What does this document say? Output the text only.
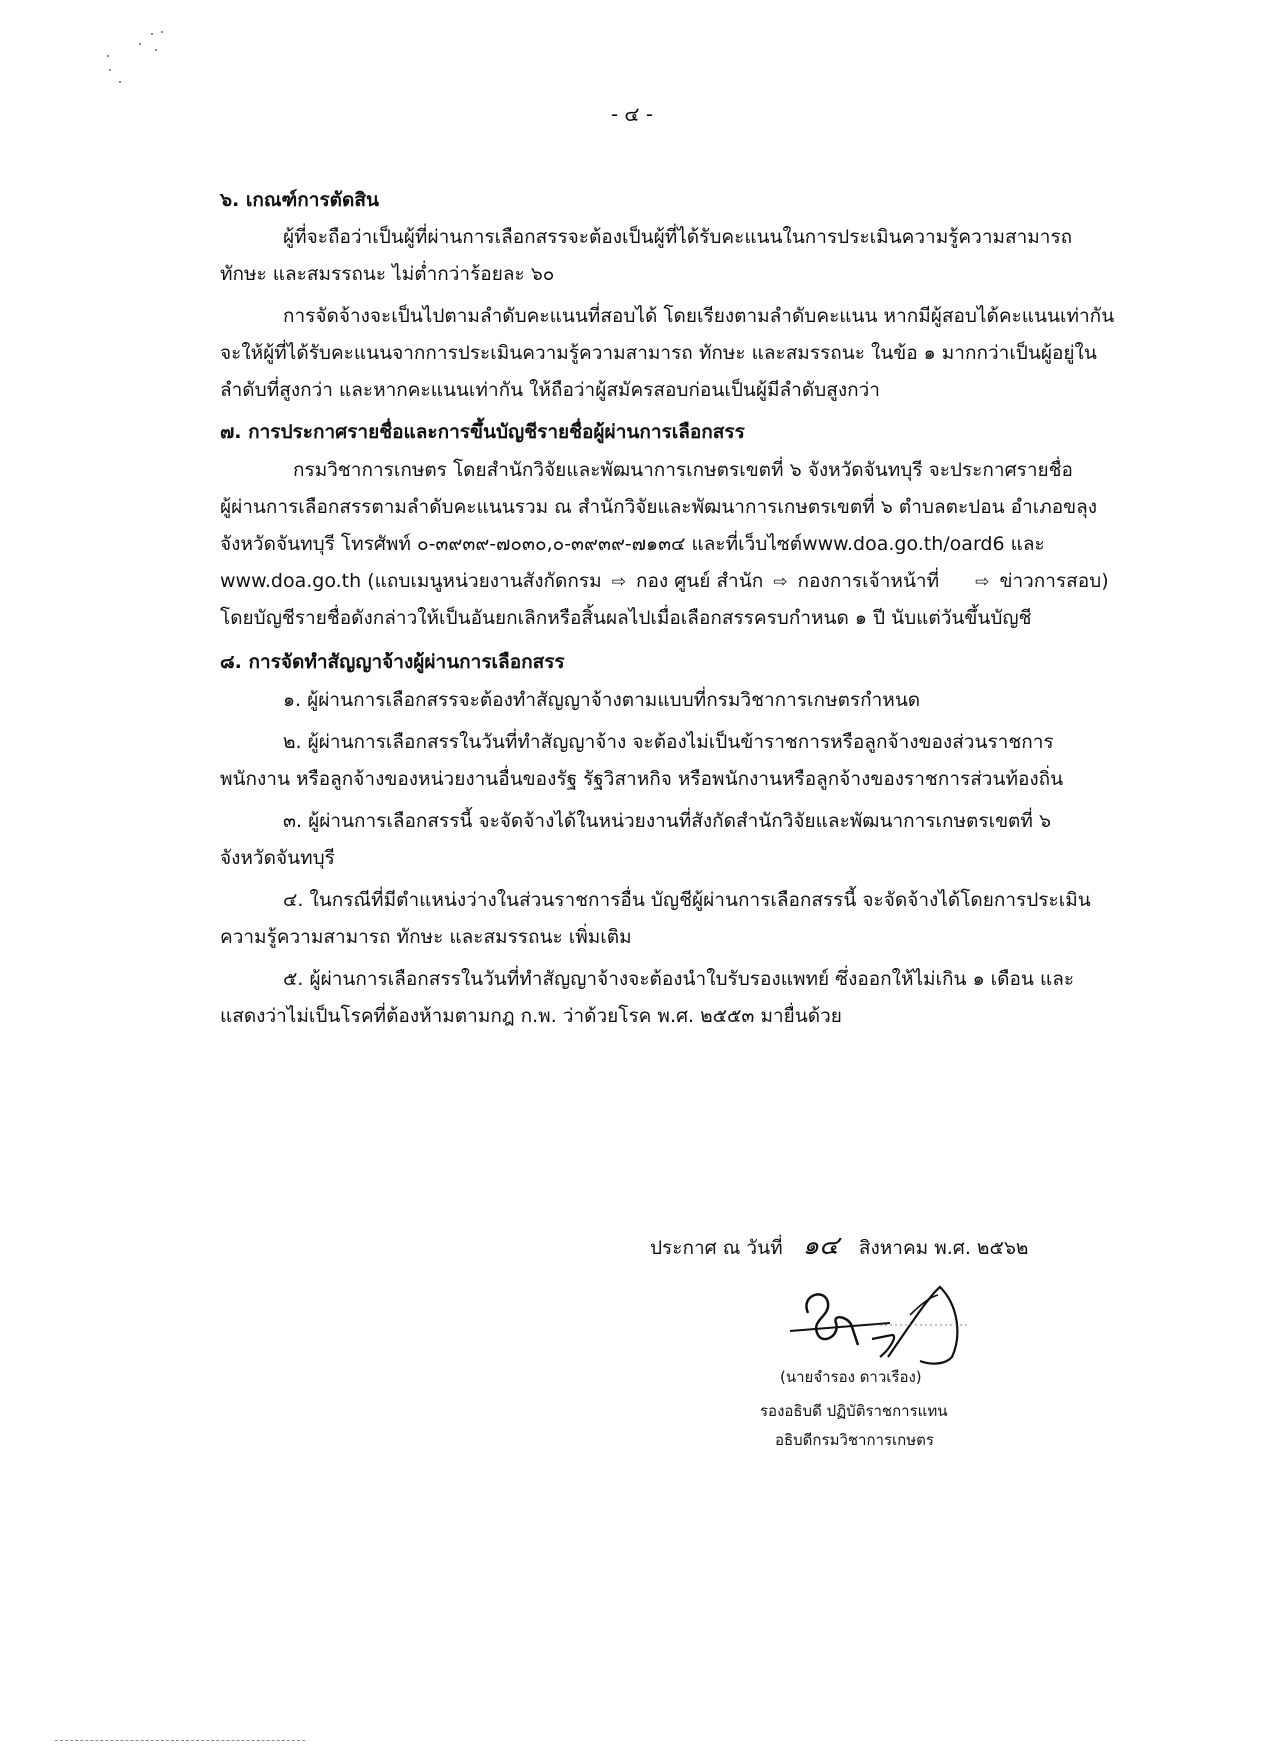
- ๔ -
๖. เกณฑ์การตัดสิน
ผู้ที่จะถือว่าเป็นผู้ที่ผ่านการเลือกสรรจะต้องเป็นผู้ที่ได้รับคะแนนในการประเมินความรู้ความสามารถ
ทักษะ และสมรรถนะ ไม่ต่ำกว่าร้อยละ ๖๐
การจัดจ้างจะเป็นไปตามลำดับคะแนนที่สอบได้ โดยเรียงตามลำดับคะแนน หากมีผู้สอบได้คะแนนเท่ากัน
จะให้ผู้ที่ได้รับคะแนนจากการประเมินความรู้ความสามารถ ทักษะ และสมรรถนะ ในข้อ ๑ มากกว่าเป็นผู้อยู่ใน
ลำดับที่สูงกว่า และหากคะแนนเท่ากัน ให้ถือว่าผู้สมัครสอบก่อนเป็นผู้มีลำดับสูงกว่า
๗. การประกาศรายชื่อและการขึ้นบัญชีรายชื่อผู้ผ่านการเลือกสรร
กรมวิชาการเกษตร โดยสำนักวิจัยและพัฒนาการเกษตรเขตที่ ๖ จังหวัดจันทบุรี จะประกาศรายชื่อ
ผู้ผ่านการเลือกสรรตามลำดับคะแนนรวม ณ สำนักวิจัยและพัฒนาการเกษตรเขตที่ ๖ ตำบลตะปอน อำเภอขลุง
จังหวัดจันทบุรี โทรศัพท์ ๐-๓๙๓๙-๗๐๓๐,๐-๓๙๓๙-๗๑๓๔ และที่เว็บไซต์www.doa.go.th/oard6 และ
www.doa.go.th (แถบเมนูหน่วยงานสังกัดกรม ⇨ กอง ศูนย์ สำนัก ⇨ กองการเจ้าหน้าที่ ⇨ ข่าวการสอบ)
โดยบัญชีรายชื่อดังกล่าวให้เป็นอันยกเลิกหรือสิ้นผลไปเมื่อเลือกสรรครบกำหนด ๑ ปี นับแต่วันขึ้นบัญชี
๘. การจัดทำสัญญาจ้างผู้ผ่านการเลือกสรร
๑. ผู้ผ่านการเลือกสรรจะต้องทำสัญญาจ้างตามแบบที่กรมวิชาการเกษตรกำหนด
๒. ผู้ผ่านการเลือกสรรในวันที่ทำสัญญาจ้าง จะต้องไม่เป็นข้าราชการหรือลูกจ้างของส่วนราชการ
พนักงาน หรือลูกจ้างของหน่วยงานอื่นของรัฐ รัฐวิสาหกิจ หรือพนักงานหรือลูกจ้างของราชการส่วนท้องถิ่น
๓. ผู้ผ่านการเลือกสรรนี้ จะจัดจ้างได้ในหน่วยงานที่สังกัดสำนักวิจัยและพัฒนาการเกษตรเขตที่ ๖
จังหวัดจันทบุรี
๔. ในกรณีที่มีตำแหน่งว่างในส่วนราชการอื่น บัญชีผู้ผ่านการเลือกสรรนี้ จะจัดจ้างได้โดยการประเมิน
ความรู้ความสามารถ ทักษะ และสมรรถนะ เพิ่มเติม
๕. ผู้ผ่านการเลือกสรรในวันที่ทำสัญญาจ้างจะต้องนำใบรับรองแพทย์ ซึ่งออกให้ไม่เกิน ๑ เดือน และ
แสดงว่าไม่เป็นโรคที่ต้องห้ามตามกฎ ก.พ. ว่าด้วยโรค พ.ศ. ๒๕๕๓ มายื่นด้วย
ประกาศ ณ วันที่ ๑๔ สิงหาคม พ.ศ. ๒๕๖๒
(นายจำรอง ดาวเรือง)
รองอธิบดี ปฏิบัติราชการแทน
อธิบดีกรมวิชาการเกษตร
